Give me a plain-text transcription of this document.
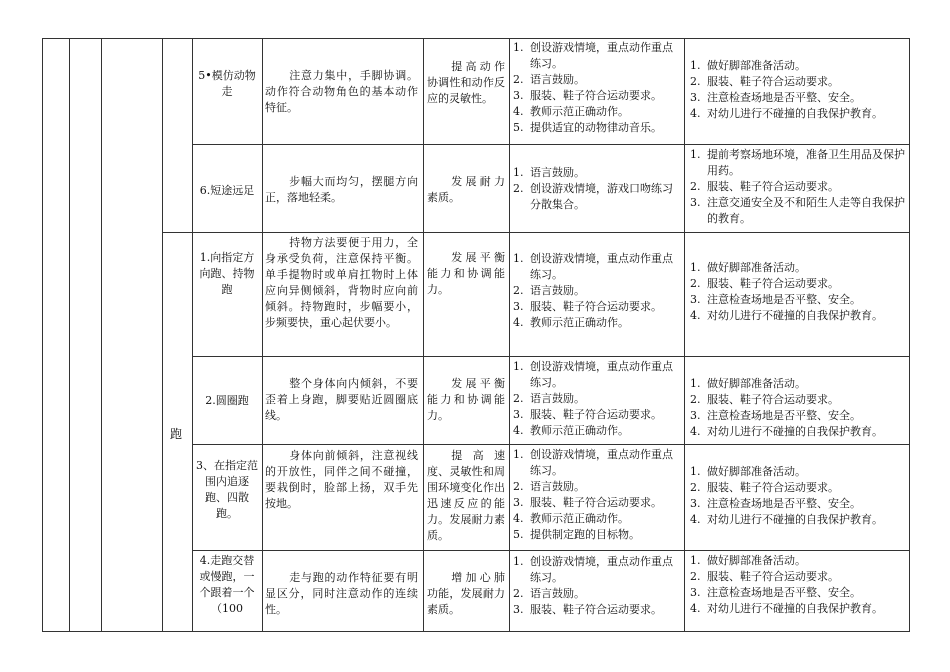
跑
5•模仿动物走
注意力集中，手脚协调。动作符合动物角色的基本动作特征。
提高动作协调性和动作反应的灵敏性。
1. 创设游戏情境，重点动作重点练习。
2. 语言鼓励。
3. 服装、鞋子符合运动要求。
4. 教师示范正确动作。
5. 提供适宜的动物律动音乐。
1. 做好脚部准备活动。
2. 服装、鞋子符合运动要求。
3. 注意检查场地是否平整、安全。
4. 对幼儿进行不碰撞的自我保护教育。
6.短途远足
步幅大而均匀，摆腿方向正，落地轻柔。
发展耐力素质。
1. 语言鼓励。
2. 创设游戏情境，游戏口吻练习分散集合。
1. 提前考察场地环境，准备卫生用品及保护用药。
2. 服装、鞋子符合运动要求。
3. 注意交通安全及不和陌生人走等自我保护的教育。
1.向指定方向跑、持物跑
持物方法要便于用力，全身承受负荷，注意保持平衡。单手提物时或单肩扛物时上体应向异侧倾斜，背物时应向前倾斜。持物跑时，步幅要小，步频要快，重心起伏要小。
发展平衡能力和协调能力。
1. 创设游戏情境，重点动作重点练习。
2. 语言鼓励。
3. 服装、鞋子符合运动要求。
4. 教师示范正确动作。
1. 做好脚部准备活动。
2. 服装、鞋子符合运动要求。
3. 注意检查场地是否平整、安全。
4. 对幼儿进行不碰撞的自我保护教育。
2.圆圈跑
整个身体向内倾斜，不要歪着上身跑，脚要贴近圆圈底线。
发展平衡能力和协调能力。
1. 创设游戏情境，重点动作重点练习。
2. 语言鼓励。
3. 服装、鞋子符合运动要求。
4. 教师示范正确动作。
1. 做好脚部准备活动。
2. 服装、鞋子符合运动要求。
3. 注意检查场地是否平整、安全。
4. 对幼儿进行不碰撞的自我保护教育。
3、在指定范围内追逐跑、四散跑。
身体向前倾斜，注意视线的开放性，同伴之间不碰撞，要栽倒时，脸部上扬，双手先按地。
提高速度、灵敏性和周围环境变化作出迅速反应的能力。发展耐力素质。
1. 创设游戏情境，重点动作重点练习。
2. 语言鼓励。
3. 服装、鞋子符合运动要求。
4. 教师示范正确动作。
5. 提供制定跑的目标物。
1. 做好脚部准备活动。
2. 服装、鞋子符合运动要求。
3. 注意检查场地是否平整、安全。
4. 对幼儿进行不碰撞的自我保护教育。
4.走跑交替或慢跑，一个跟着一个（100
走与跑的动作特征要有明显区分，同时注意动作的连续性。
增加心肺功能，发展耐力素质。
1. 创设游戏情境，重点动作重点练习。
2. 语言鼓励。
3. 服装、鞋子符合运动要求。
1. 做好脚部准备活动。
2. 服装、鞋子符合运动要求。
3. 注意检查场地是否平整、安全。
4. 对幼儿进行不碰撞的自我保护教育。
